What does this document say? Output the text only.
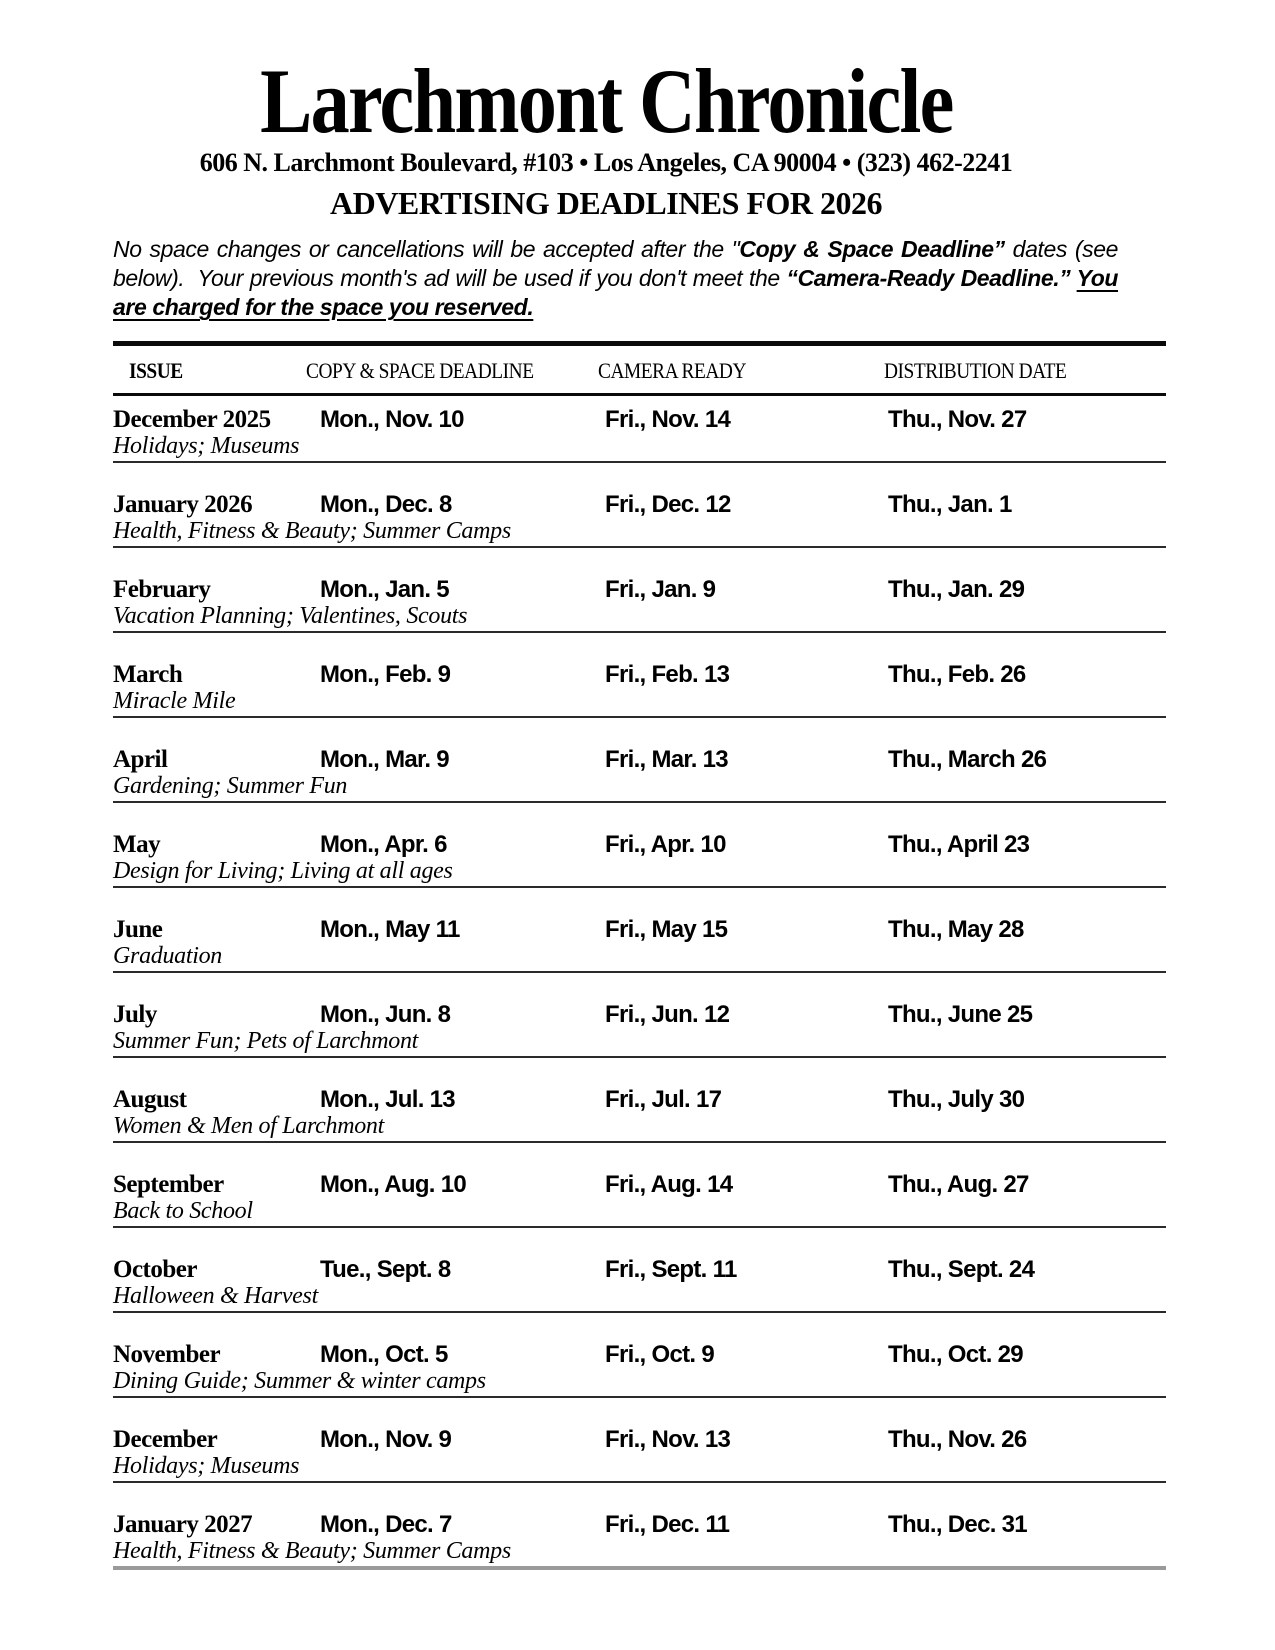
Larchmont Chronicle
606 N. Larchmont Boulevard, #103 • Los Angeles, CA 90004 • (323) 462-2241
ADVERTISING DEADLINES FOR 2026

No space changes or cancellations will be accepted after the "Copy & Space Deadline” dates (see below).  Your previous month's ad will be used if you don't meet the “Camera-Ready Deadline.” You are charged for the space you reserved.

ISSUE	COPY & SPACE DEADLINE	CAMERA READY	DISTRIBUTION DATE
December 2025	Mon., Nov. 10	Fri., Nov. 14	Thu., Nov. 27
Holidays; Museums
January 2026	Mon., Dec. 8	Fri., Dec. 12	Thu., Jan. 1
Health, Fitness & Beauty; Summer Camps
February	Mon., Jan. 5	Fri., Jan. 9	Thu., Jan. 29
Vacation Planning; Valentines, Scouts
March	Mon., Feb. 9	Fri., Feb. 13	Thu., Feb. 26
Miracle Mile
April	Mon., Mar. 9	Fri., Mar. 13	Thu., March 26
Gardening; Summer Fun
May	Mon., Apr. 6	Fri., Apr. 10	Thu., April 23
Design for Living; Living at all ages
June	Mon., May 11	Fri., May 15	Thu., May 28
Graduation
July	Mon., Jun. 8	Fri., Jun. 12	Thu., June 25
Summer Fun; Pets of Larchmont
August	Mon., Jul. 13	Fri., Jul. 17	Thu., July 30
Women & Men of Larchmont
September	Mon., Aug. 10	Fri., Aug. 14	Thu., Aug. 27
Back to School
October	Tue., Sept. 8	Fri., Sept. 11	Thu., Sept. 24
Halloween & Harvest
November	Mon., Oct. 5	Fri., Oct. 9	Thu., Oct. 29
Dining Guide; Summer & winter camps
December	Mon., Nov. 9	Fri., Nov. 13	Thu., Nov. 26
Holidays; Museums
January 2027	Mon., Dec. 7	Fri., Dec. 11	Thu., Dec. 31
Health, Fitness & Beauty; Summer Camps
